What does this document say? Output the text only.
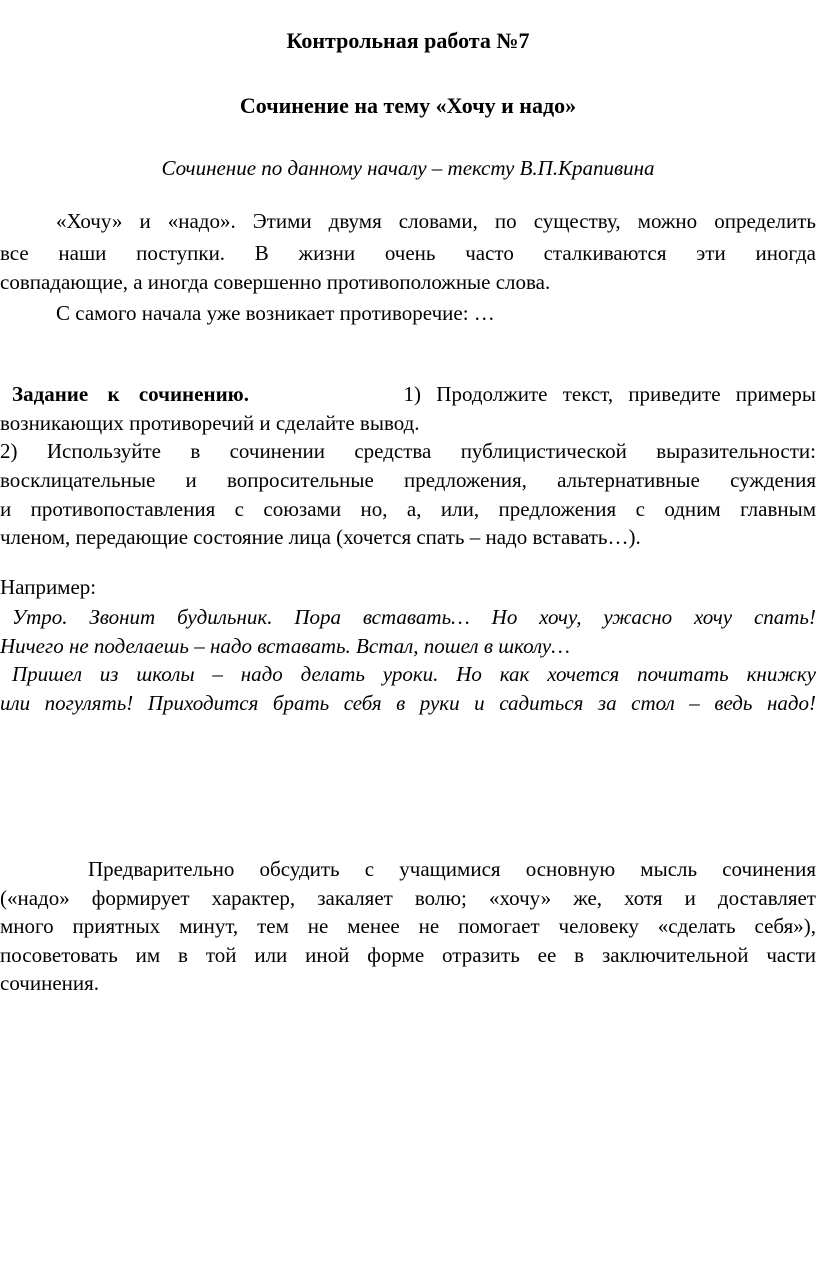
Контрольная работа №7
Сочинение на тему «Хочу и надо»
Сочинение по данному началу – тексту В.П.Крапивина
«Хочу» и «надо». Этими двумя словами, по существу, можно определить
все наши поступки. В жизни очень часто сталкиваются эти иногда
совпадающие, а иногда совершенно противоположные слова.
С самого начала уже возникает противоречие: …
Задание к сочинению.	1) Продолжите текст, приведите примеры
возникающих противоречий и сделайте вывод.
2) Используйте в сочинении средства публицистической выразительности:
восклицательные и вопросительные предложения, альтернативные суждения
и противопоставления с союзами но, а, или, предложения с одним главным
членом, передающие состояние лица (хочется спать – надо вставать…).
Например:
Утро. Звонит будильник. Пора вставать… Но хочу, ужасно хочу спать!
Ничего не поделаешь – надо вставать. Встал, пошел в школу…
Пришел из школы – надо делать уроки. Но как хочется почитать книжку
или погулять! Приходится брать себя в руки и садиться за стол – ведь надо!
Предварительно обсудить с учащимися основную мысль сочинения
(«надо» формирует характер, закаляет волю; «хочу» же, хотя и доставляет
много приятных минут, тем не менее не помогает человеку «сделать себя»),
посоветовать им в той или иной форме отразить ее в заключительной части
сочинения.
